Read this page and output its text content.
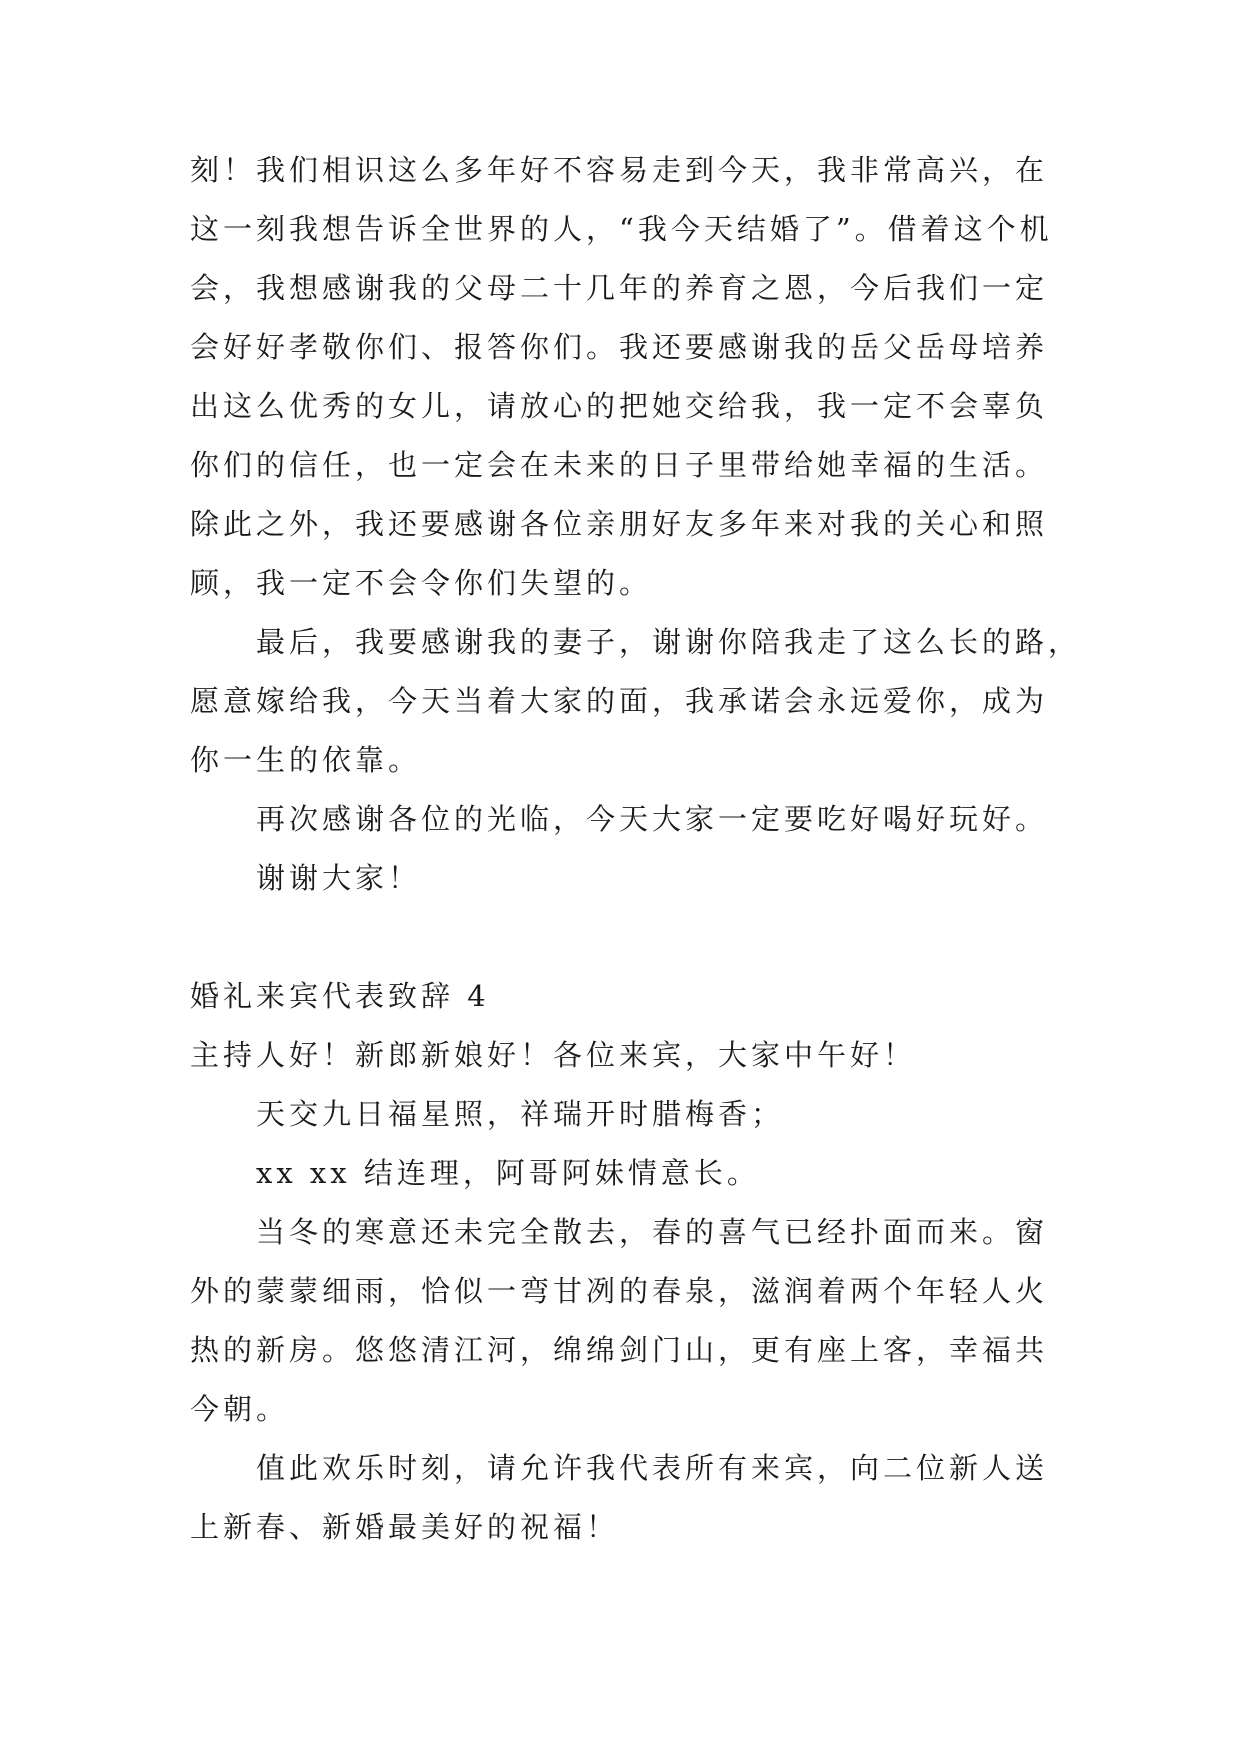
刻！我们相识这么多年好不容易走到今天，我非常高兴，在
这一刻我想告诉全世界的人，“我今天结婚了”。借着这个机
会，我想感谢我的父母二十几年的养育之恩，今后我们一定
会好好孝敬你们、报答你们。我还要感谢我的岳父岳母培养
出这么优秀的女儿，请放心的把她交给我，我一定不会辜负
你们的信任，也一定会在未来的日子里带给她幸福的生活。
除此之外，我还要感谢各位亲朋好友多年来对我的关心和照
顾，我一定不会令你们失望的。
最后，我要感谢我的妻子，谢谢你陪我走了这么长的路，
愿意嫁给我，今天当着大家的面，我承诺会永远爱你，成为
你一生的依靠。
再次感谢各位的光临，今天大家一定要吃好喝好玩好。
谢谢大家！
婚礼来宾代表致辞 4
主持人好！新郎新娘好！各位来宾，大家中午好！
天交九日福星照，祥瑞开时腊梅香；
xx xx 结连理，阿哥阿妹情意长。
当冬的寒意还未完全散去，春的喜气已经扑面而来。窗
外的蒙蒙细雨，恰似一弯甘冽的春泉，滋润着两个年轻人火
热的新房。悠悠清江河，绵绵剑门山，更有座上客，幸福共
今朝。
值此欢乐时刻，请允许我代表所有来宾，向二位新人送
上新春、新婚最美好的祝福！
